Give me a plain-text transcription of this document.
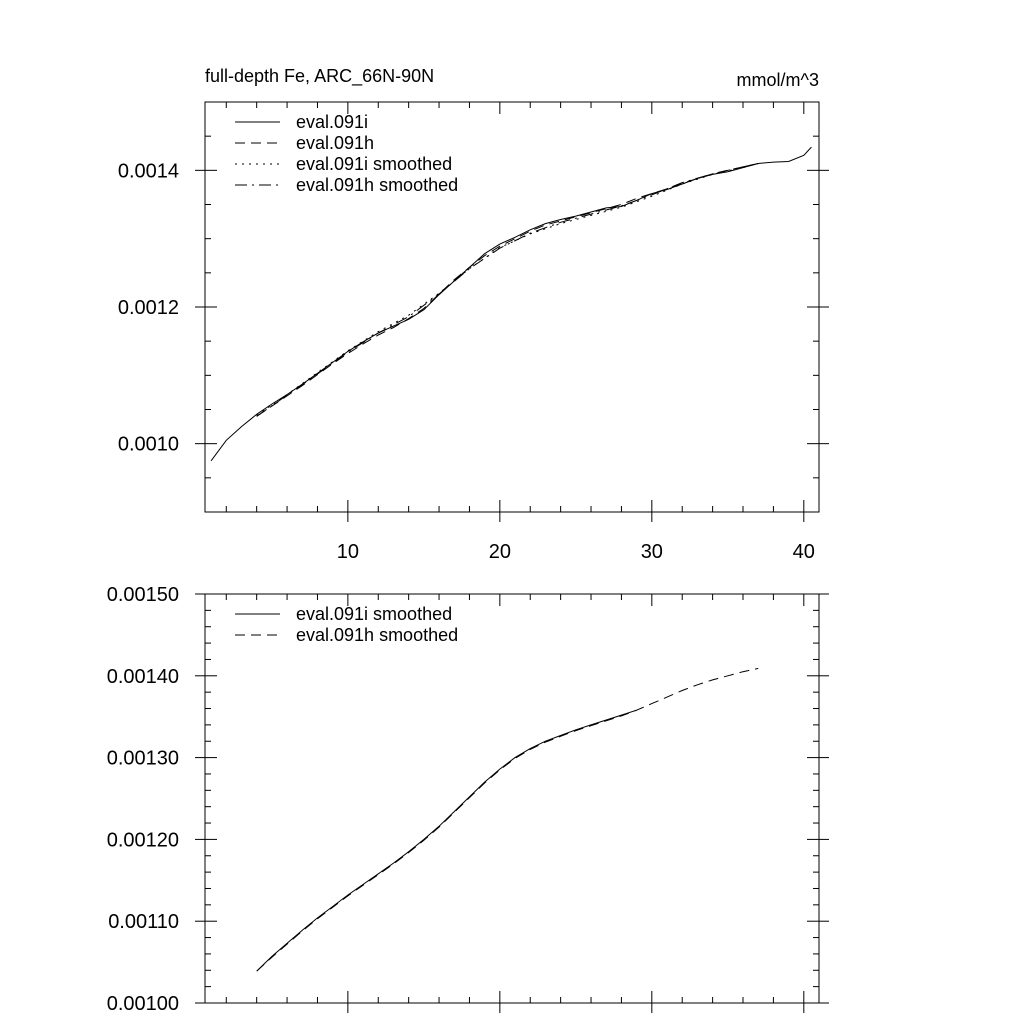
full-depth Fe, ARC_66N-90N	mmol/m^3
10	20	30	40
0.0010
0.0012
0.0014
eval.091i
eval.091h
eval.091i smoothed
eval.091h smoothed
0.00100
0.00110
0.00120
0.00130
0.00140
0.00150
eval.091i smoothed
eval.091h smoothed
